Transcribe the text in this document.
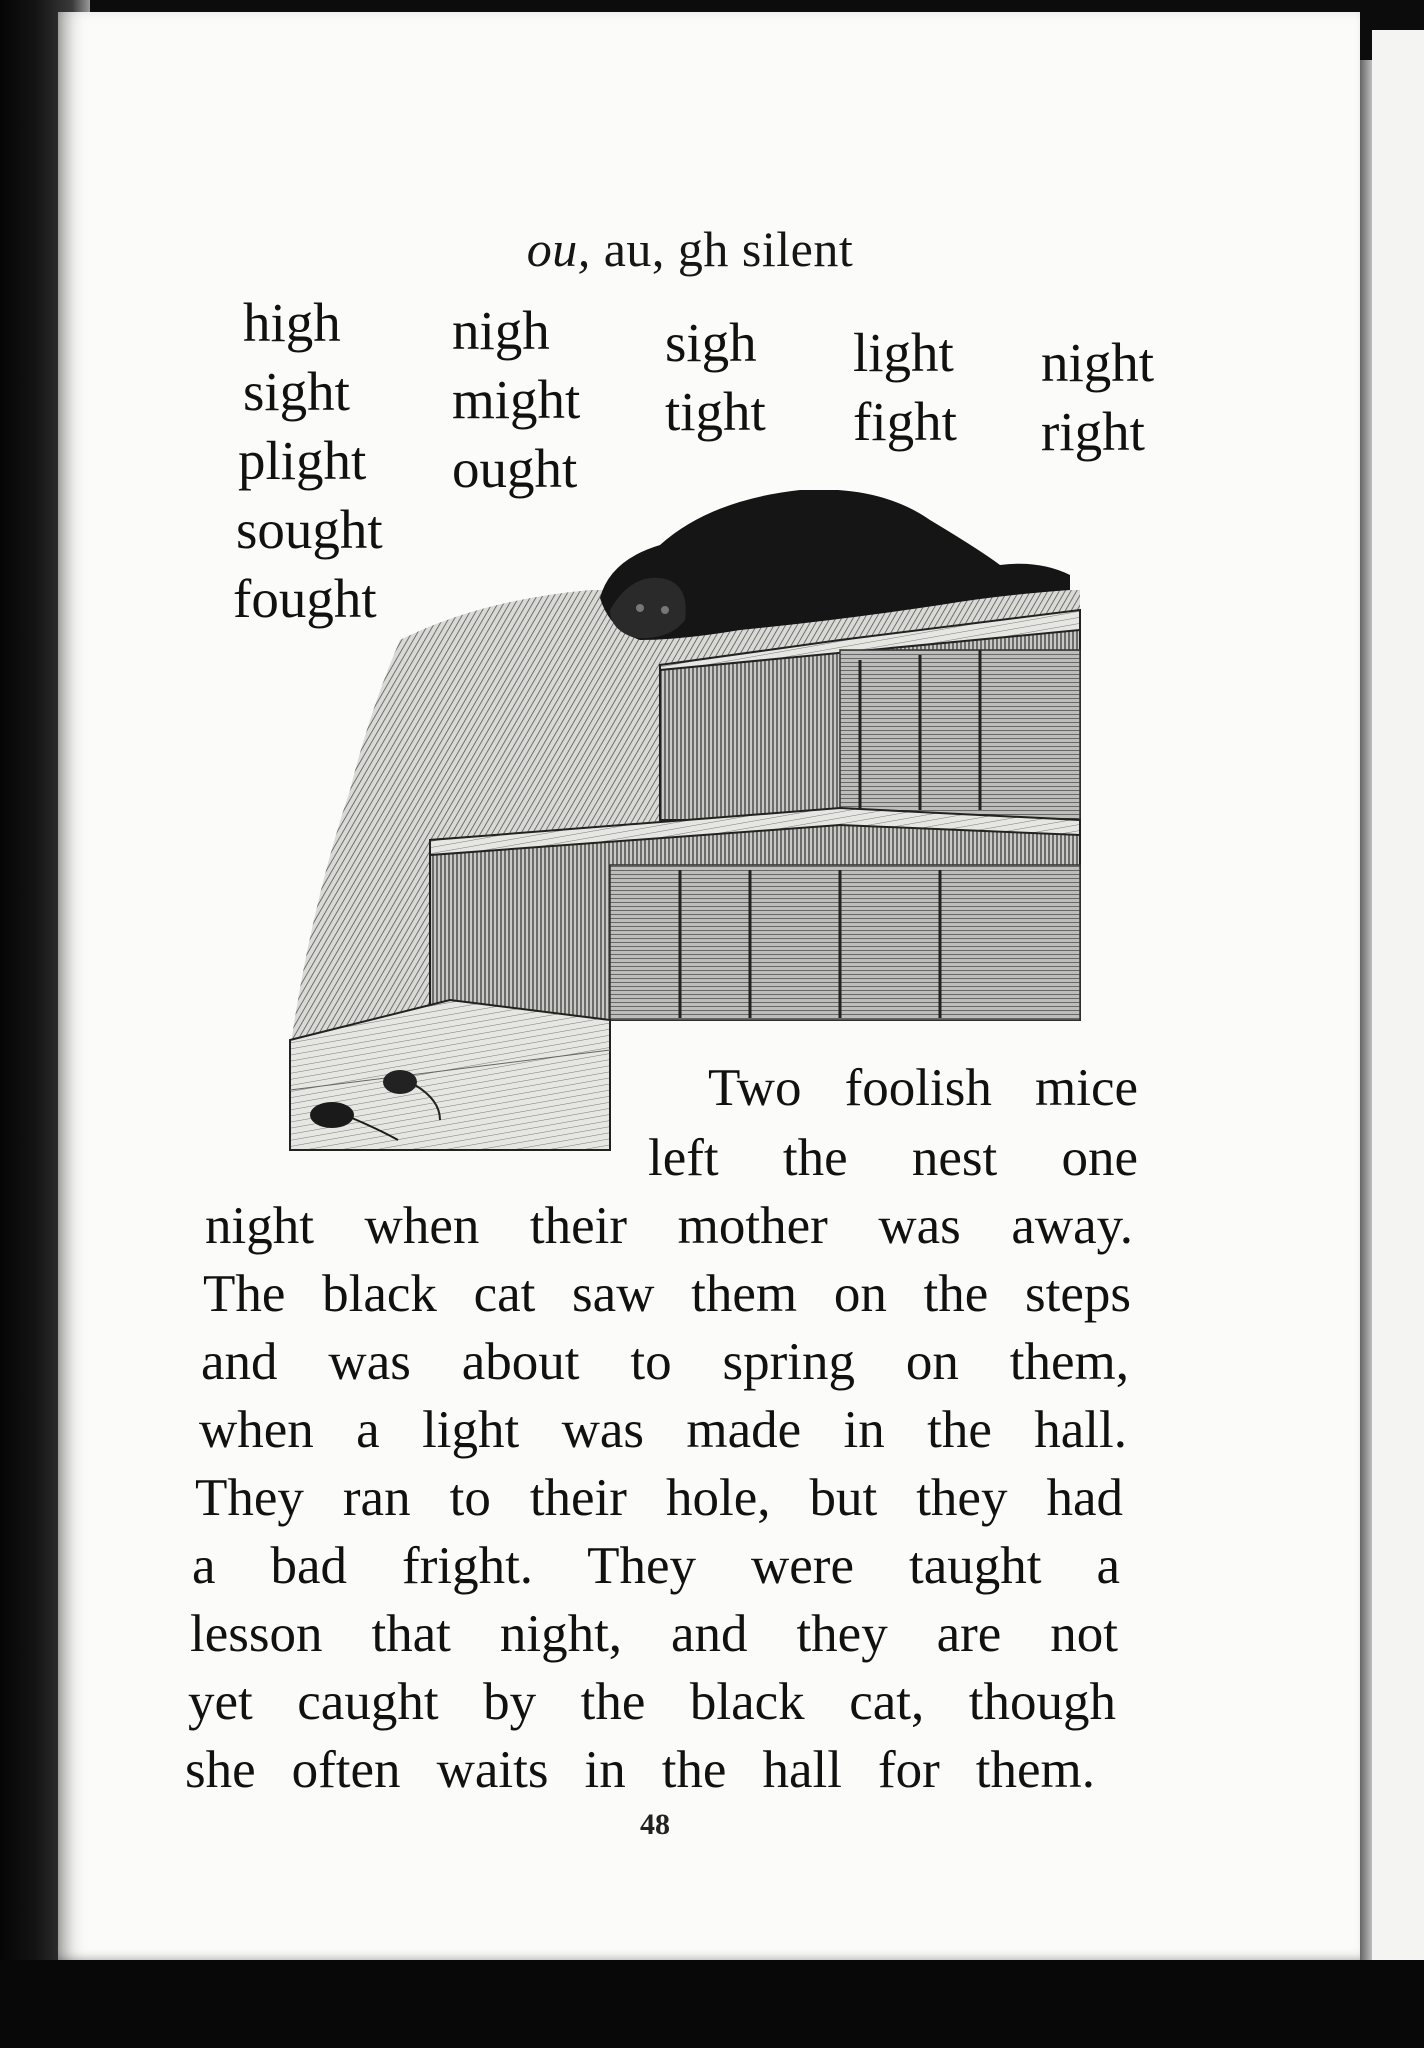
ou, au, gh silent
high
sight
plight
sought
fought
nigh
might
ought
sigh
tight
light
fight
night
right
Two foolish mice
left the nest one
night when their mother was away.
The black cat saw them on the steps
and was about to spring on them,
when a light was made in the hall.
They ran to their hole, but they had
a bad fright. They were taught a
lesson that night, and they are not
yet caught by the black cat, though
she often waits in the hall for them.
48
